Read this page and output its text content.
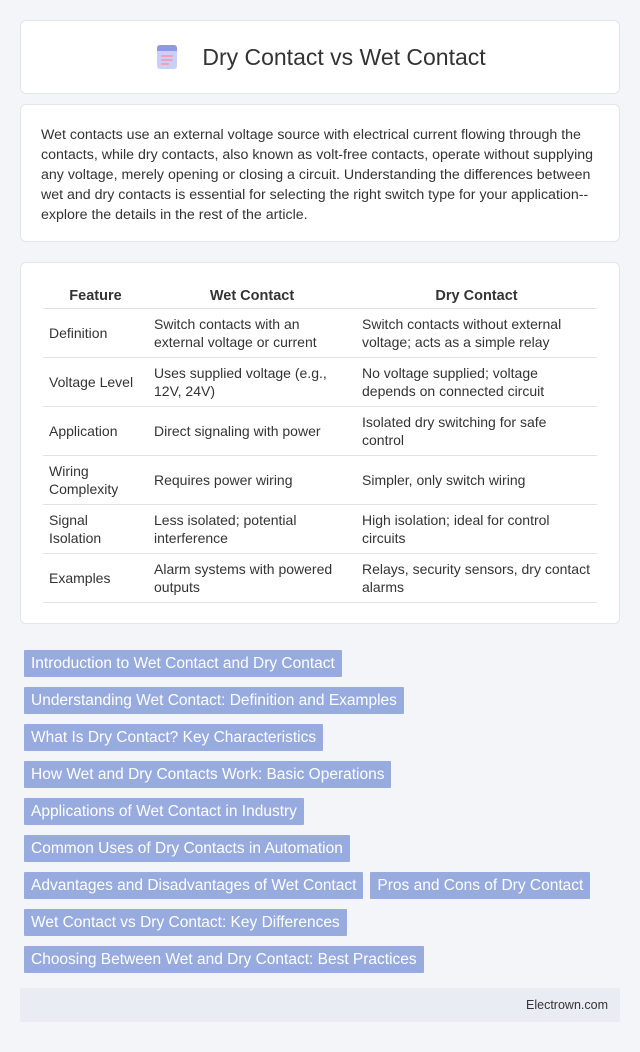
Dry Contact vs Wet Contact

Wet contacts use an external voltage source with electrical current flowing through the contacts, while dry contacts, also known as volt-free contacts, operate without supplying any voltage, merely opening or closing a circuit. Understanding the differences between wet and dry contacts is essential for selecting the right switch type for your application--explore the details in the rest of the article.

Feature	Wet Contact	Dry Contact
Definition	Switch contacts with an external voltage or current	Switch contacts without external voltage; acts as a simple relay
Voltage Level	Uses supplied voltage (e.g., 12V, 24V)	No voltage supplied; voltage depends on connected circuit
Application	Direct signaling with power	Isolated dry switching for safe control
Wiring Complexity	Requires power wiring	Simpler, only switch wiring
Signal Isolation	Less isolated; potential interference	High isolation; ideal for control circuits
Examples	Alarm systems with powered outputs	Relays, security sensors, dry contact alarms
Introduction to Wet Contact and Dry Contact
Understanding Wet Contact: Definition and Examples
What Is Dry Contact? Key Characteristics
How Wet and Dry Contacts Work: Basic Operations
Applications of Wet Contact in Industry
Common Uses of Dry Contacts in Automation
Advantages and Disadvantages of Wet Contact	Pros and Cons of Dry Contact
Wet Contact vs Dry Contact: Key Differences
Choosing Between Wet and Dry Contact: Best Practices
Electrown.com
